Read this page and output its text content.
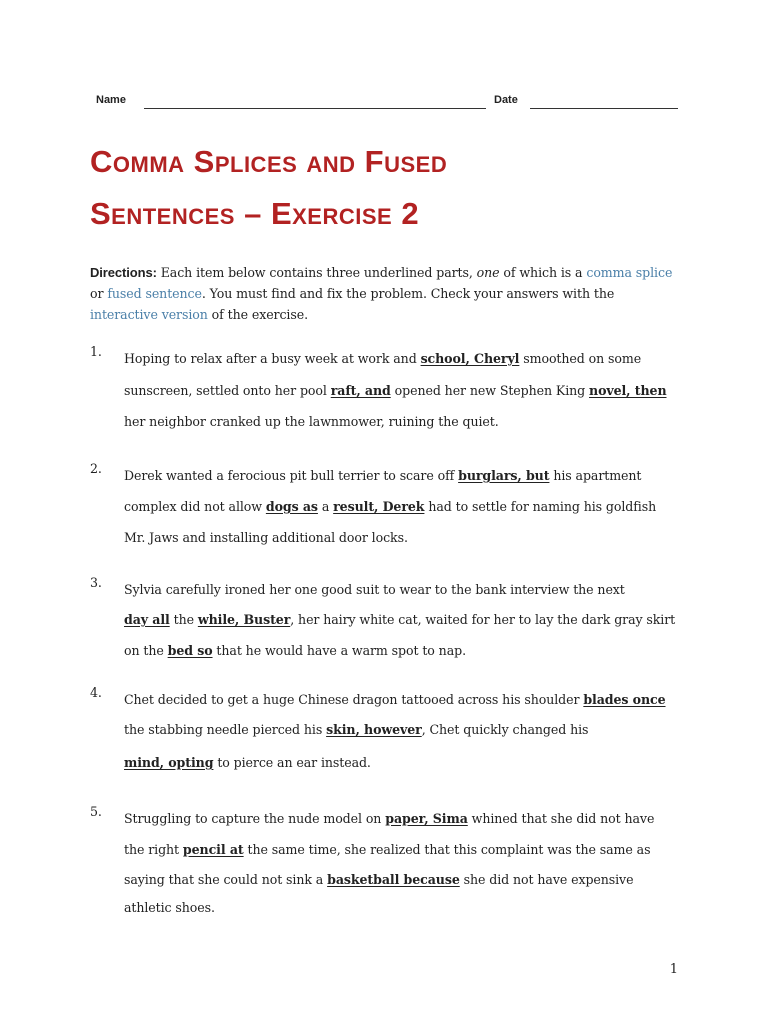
Name	Date
Comma Splices and Fused
Sentences – Exercise 2
Directions: Each item below contains three underlined parts, one of which is a comma splice or fused sentence. You must find and fix the problem. Check your answers with the interactive version of the exercise.
1. Hoping to relax after a busy week at work and school, Cheryl smoothed on some
sunscreen, settled onto her pool raft, and opened her new Stephen King novel, then
her neighbor cranked up the lawnmower, ruining the quiet.
2. Derek wanted a ferocious pit bull terrier to scare off burglars, but his apartment
complex did not allow dogs as a result, Derek had to settle for naming his goldfish
Mr. Jaws and installing additional door locks.
3. Sylvia carefully ironed her one good suit to wear to the bank interview the next
day all the while, Buster, her hairy white cat, waited for her to lay the dark gray skirt
on the bed so that he would have a warm spot to nap.
4. Chet decided to get a huge Chinese dragon tattooed across his shoulder blades once
the stabbing needle pierced his skin, however, Chet quickly changed his
mind, opting to pierce an ear instead.
5. Struggling to capture the nude model on paper, Sima whined that she did not have
the right pencil at the same time, she realized that this complaint was the same as
saying that she could not sink a basketball because she did not have expensive
athletic shoes.
1
